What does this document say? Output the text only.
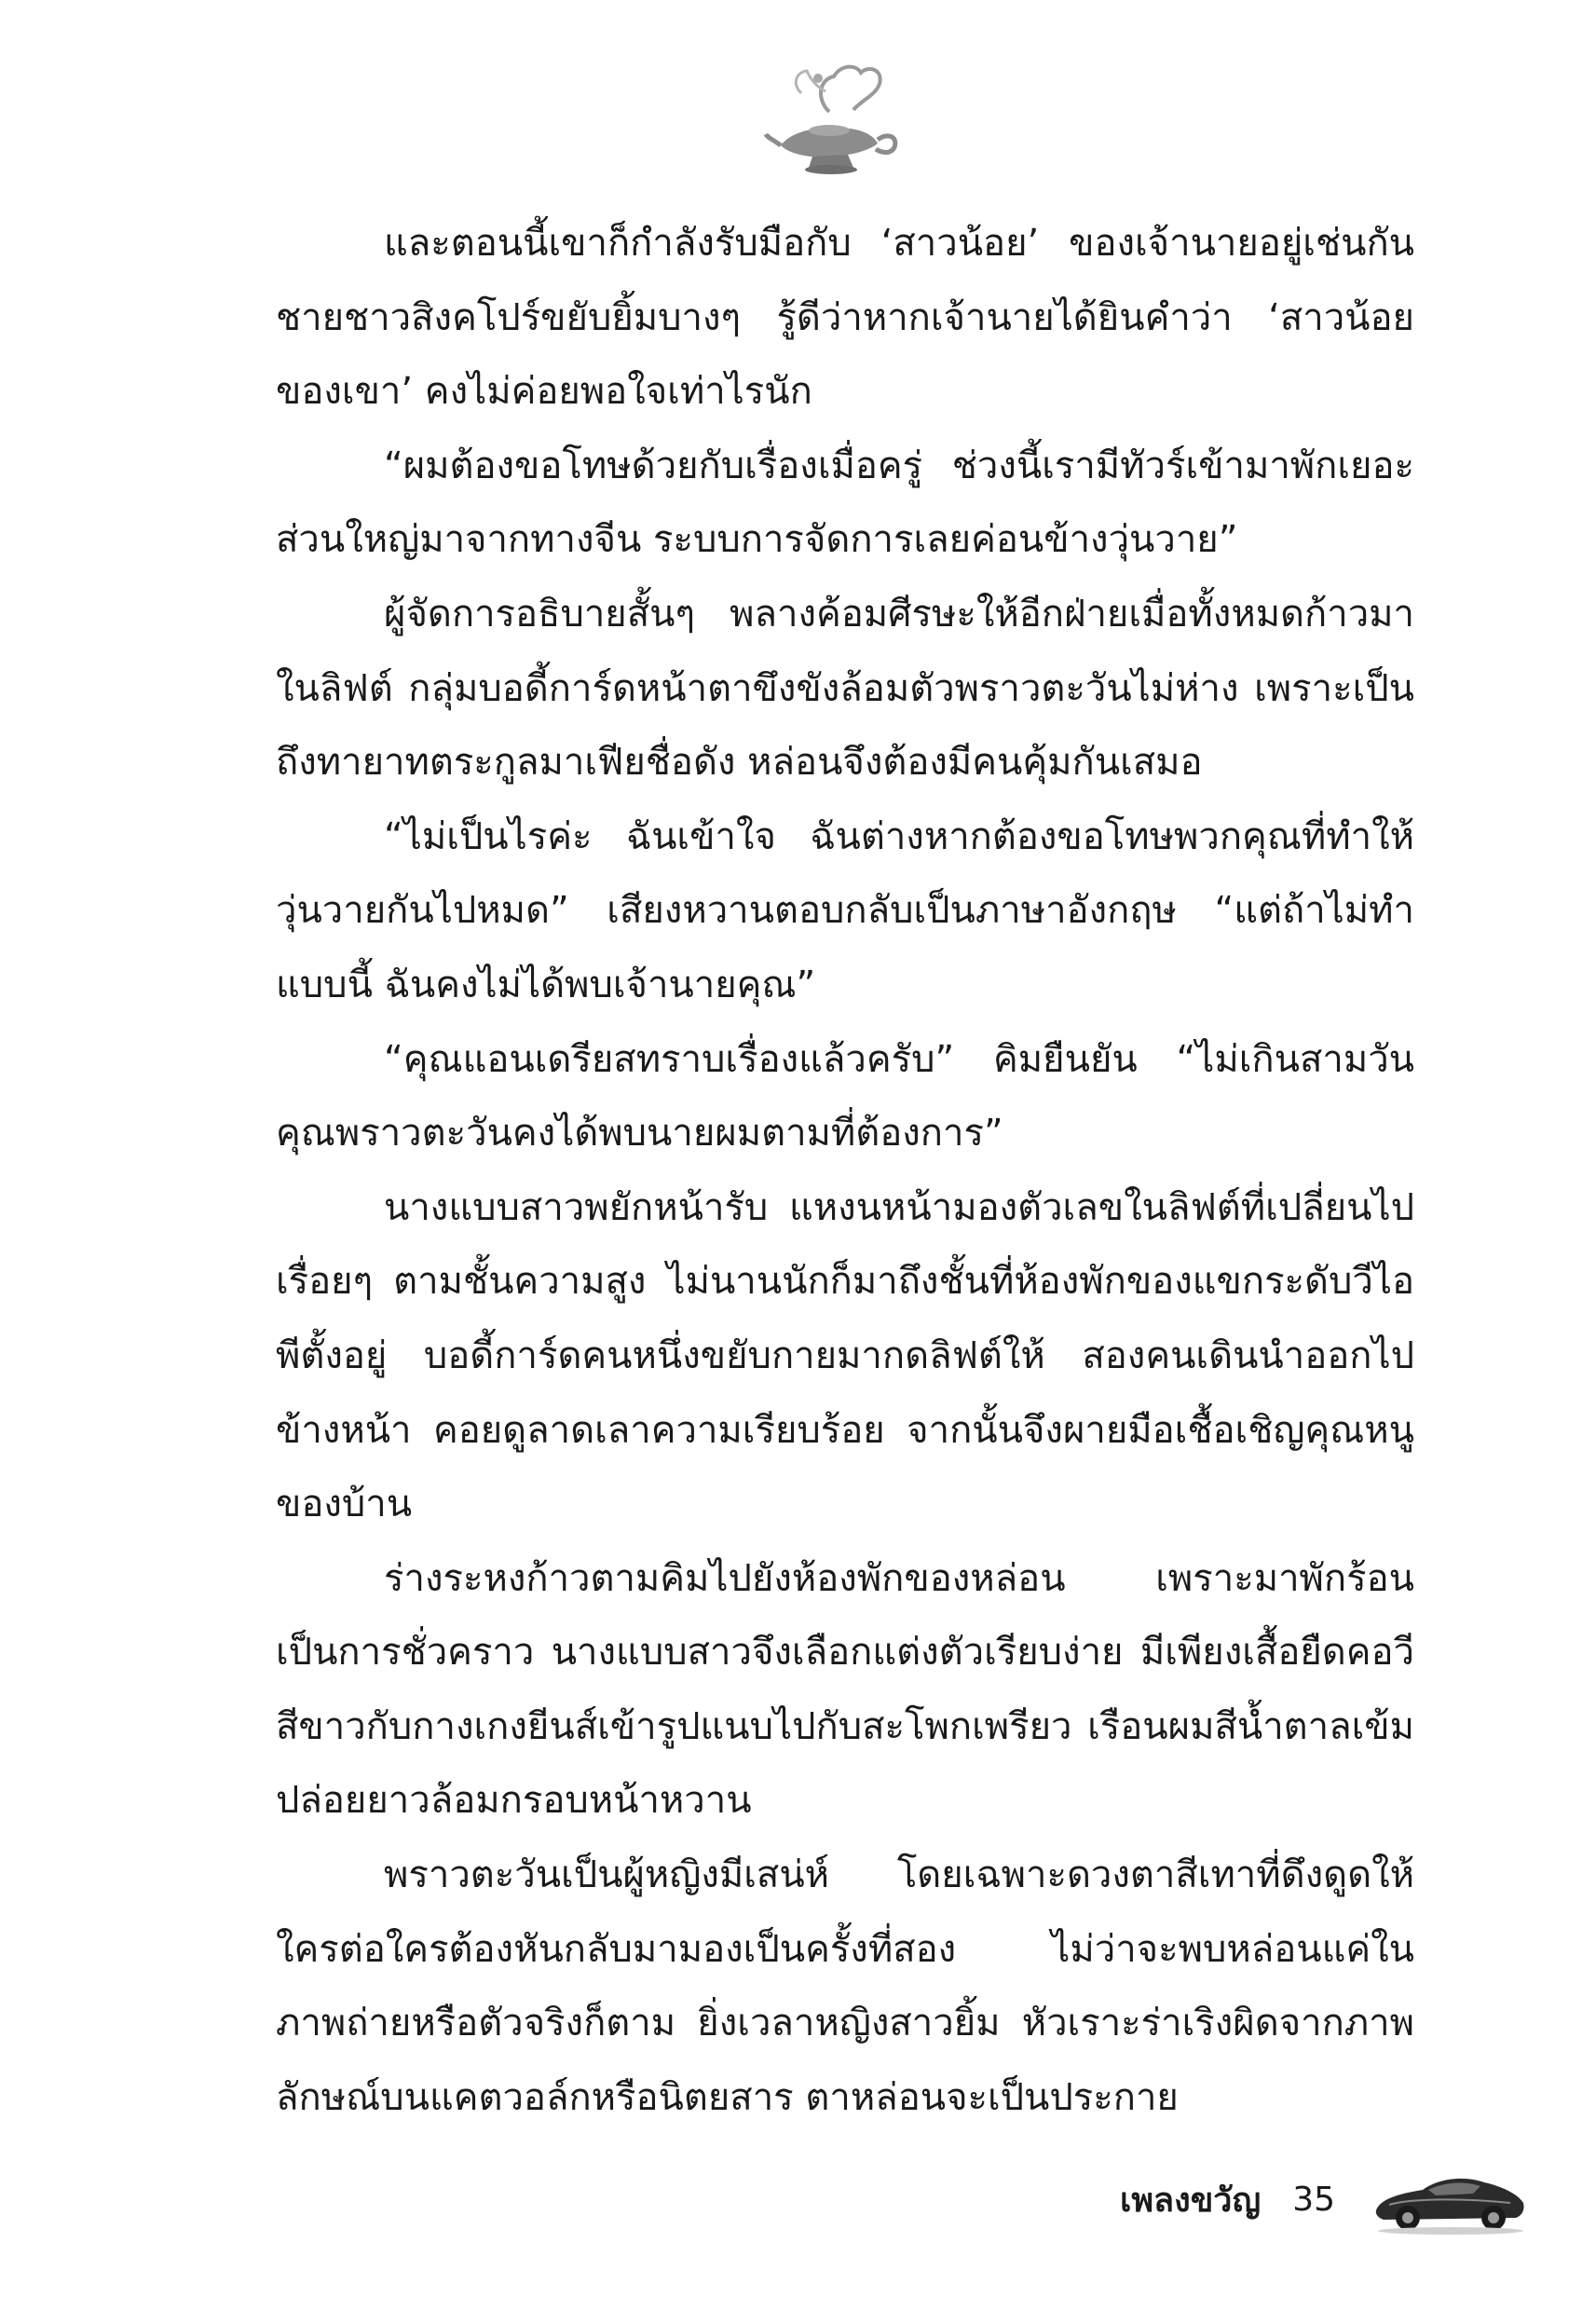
และตอนนี้เขาก็กำลังรับมือกับ ‘สาวน้อย’ ของเจ้านายอยู่เช่นกัน ชายชาวสิงคโปร์ขยับยิ้มบางๆ รู้ดีว่าหากเจ้านายได้ยินคำว่า ‘สาวน้อยของเขา’ คงไม่ค่อยพอใจเท่าไรนัก

“ผมต้องขอโทษด้วยกับเรื่องเมื่อครู่ ช่วงนี้เรามีทัวร์เข้ามาพักเยอะ ส่วนใหญ่มาจากทางจีน ระบบการจัดการเลยค่อนข้างวุ่นวาย”

ผู้จัดการอธิบายสั้นๆ พลางค้อมศีรษะให้อีกฝ่ายเมื่อทั้งหมดก้าวมาในลิฟต์ กลุ่มบอดี้การ์ดหน้าตาขึงขังล้อมตัวพราวตะวันไม่ห่าง เพราะเป็นถึงทายาทตระกูลมาเฟียชื่อดัง หล่อนจึงต้องมีคนคุ้มกันเสมอ

“ไม่เป็นไรค่ะ ฉันเข้าใจ ฉันต่างหากต้องขอโทษพวกคุณที่ทำให้วุ่นวายกันไปหมด” เสียงหวานตอบกลับเป็นภาษาอังกฤษ “แต่ถ้าไม่ทำแบบนี้ ฉันคงไม่ได้พบเจ้านายคุณ”

“คุณแอนเดรียสทราบเรื่องแล้วครับ” คิมยืนยัน “ไม่เกินสามวัน คุณพราวตะวันคงได้พบนายผมตามที่ต้องการ”

นางแบบสาวพยักหน้ารับ แหงนหน้ามองตัวเลขในลิฟต์ที่เปลี่ยนไปเรื่อยๆ ตามชั้นความสูง ไม่นานนักก็มาถึงชั้นที่ห้องพักของแขกระดับวีไอพีตั้งอยู่ บอดี้การ์ดคนหนึ่งขยับกายมากดลิฟต์ให้ สองคนเดินนำออกไปข้างหน้า คอยดูลาดเลาความเรียบร้อย จากนั้นจึงผายมือเชื้อเชิญคุณหนูของบ้าน

ร่างระหงก้าวตามคิมไปยังห้องพักของหล่อน เพราะมาพักร้อนเป็นการชั่วคราว นางแบบสาวจึงเลือกแต่งตัวเรียบง่าย มีเพียงเสื้อยืดคอวีสีขาวกับกางเกงยีนส์เข้ารูปแนบไปกับสะโพกเพรียว เรือนผมสีน้ำตาลเข้มปล่อยยาวล้อมกรอบหน้าหวาน

พราวตะวันเป็นผู้หญิงมีเสน่ห์ โดยเฉพาะดวงตาสีเทาที่ดึงดูดให้ใครต่อใครต้องหันกลับมามองเป็นครั้งที่สอง ไม่ว่าจะพบหล่อนแค่ในภาพถ่ายหรือตัวจริงก็ตาม ยิ่งเวลาหญิงสาวยิ้ม หัวเราะร่าเริงผิดจากภาพลักษณ์บนแคตวอล์กหรือนิตยสาร ตาหล่อนจะเป็นประกาย

เพลงขวัญ 35
